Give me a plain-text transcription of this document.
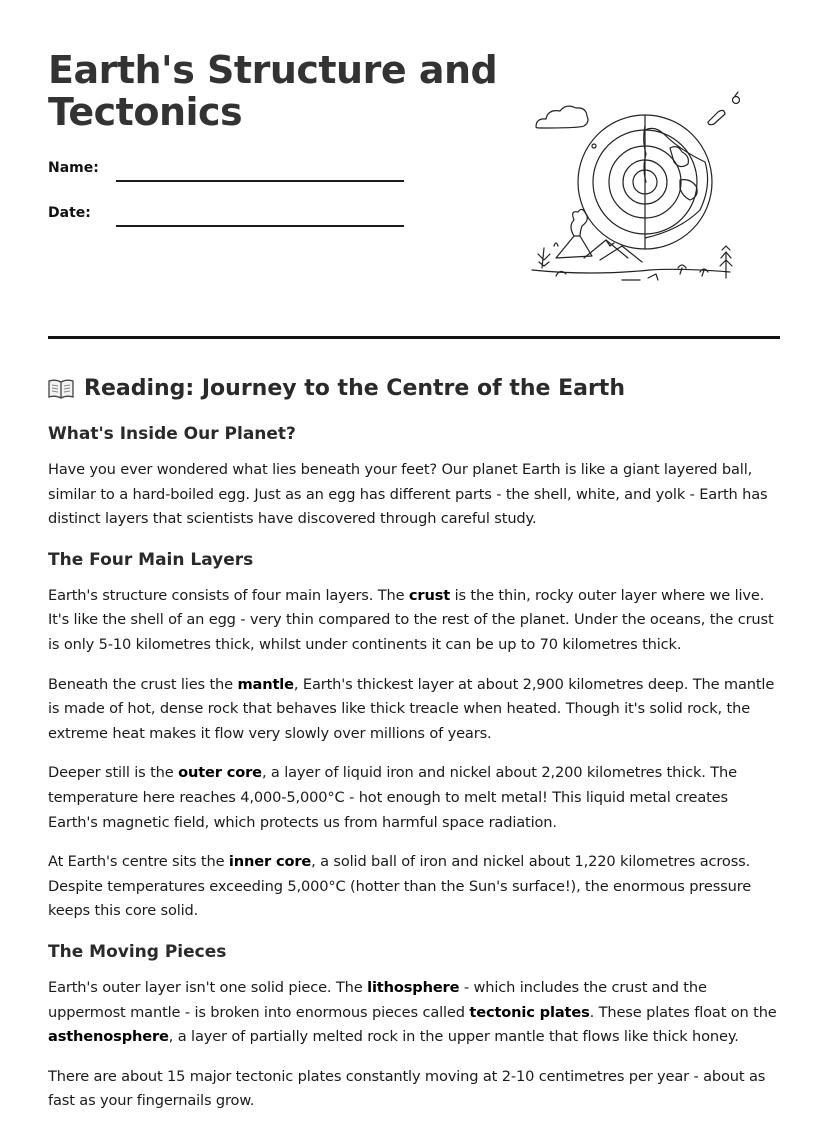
Earth's Structure and
Tectonics
Name:
Date:
Reading: Journey to the Centre of the Earth
What's Inside Our Planet?

Have you ever wondered what lies beneath your feet? Our planet Earth is like a giant layered ball, similar to a hard-boiled egg. Just as an egg has different parts - the shell, white, and yolk - Earth has distinct layers that scientists have discovered through careful study.

The Four Main Layers

Earth's structure consists of four main layers. The crust is the thin, rocky outer layer where we live. It's like the shell of an egg - very thin compared to the rest of the planet. Under the oceans, the crust is only 5-10 kilometres thick, whilst under continents it can be up to 70 kilometres thick.

Beneath the crust lies the mantle, Earth's thickest layer at about 2,900 kilometres deep. The mantle is made of hot, dense rock that behaves like thick treacle when heated. Though it's solid rock, the extreme heat makes it flow very slowly over millions of years.

Deeper still is the outer core, a layer of liquid iron and nickel about 2,200 kilometres thick. The temperature here reaches 4,000-5,000°C - hot enough to melt metal! This liquid metal creates Earth's magnetic field, which protects us from harmful space radiation.

At Earth's centre sits the inner core, a solid ball of iron and nickel about 1,220 kilometres across. Despite temperatures exceeding 5,000°C (hotter than the Sun's surface!), the enormous pressure keeps this core solid.

The Moving Pieces

Earth's outer layer isn't one solid piece. The lithosphere - which includes the crust and the uppermost mantle - is broken into enormous pieces called tectonic plates. These plates float on the asthenosphere, a layer of partially melted rock in the upper mantle that flows like thick honey.

There are about 15 major tectonic plates constantly moving at 2-10 centimetres per year - about as fast as your fingernails grow.
